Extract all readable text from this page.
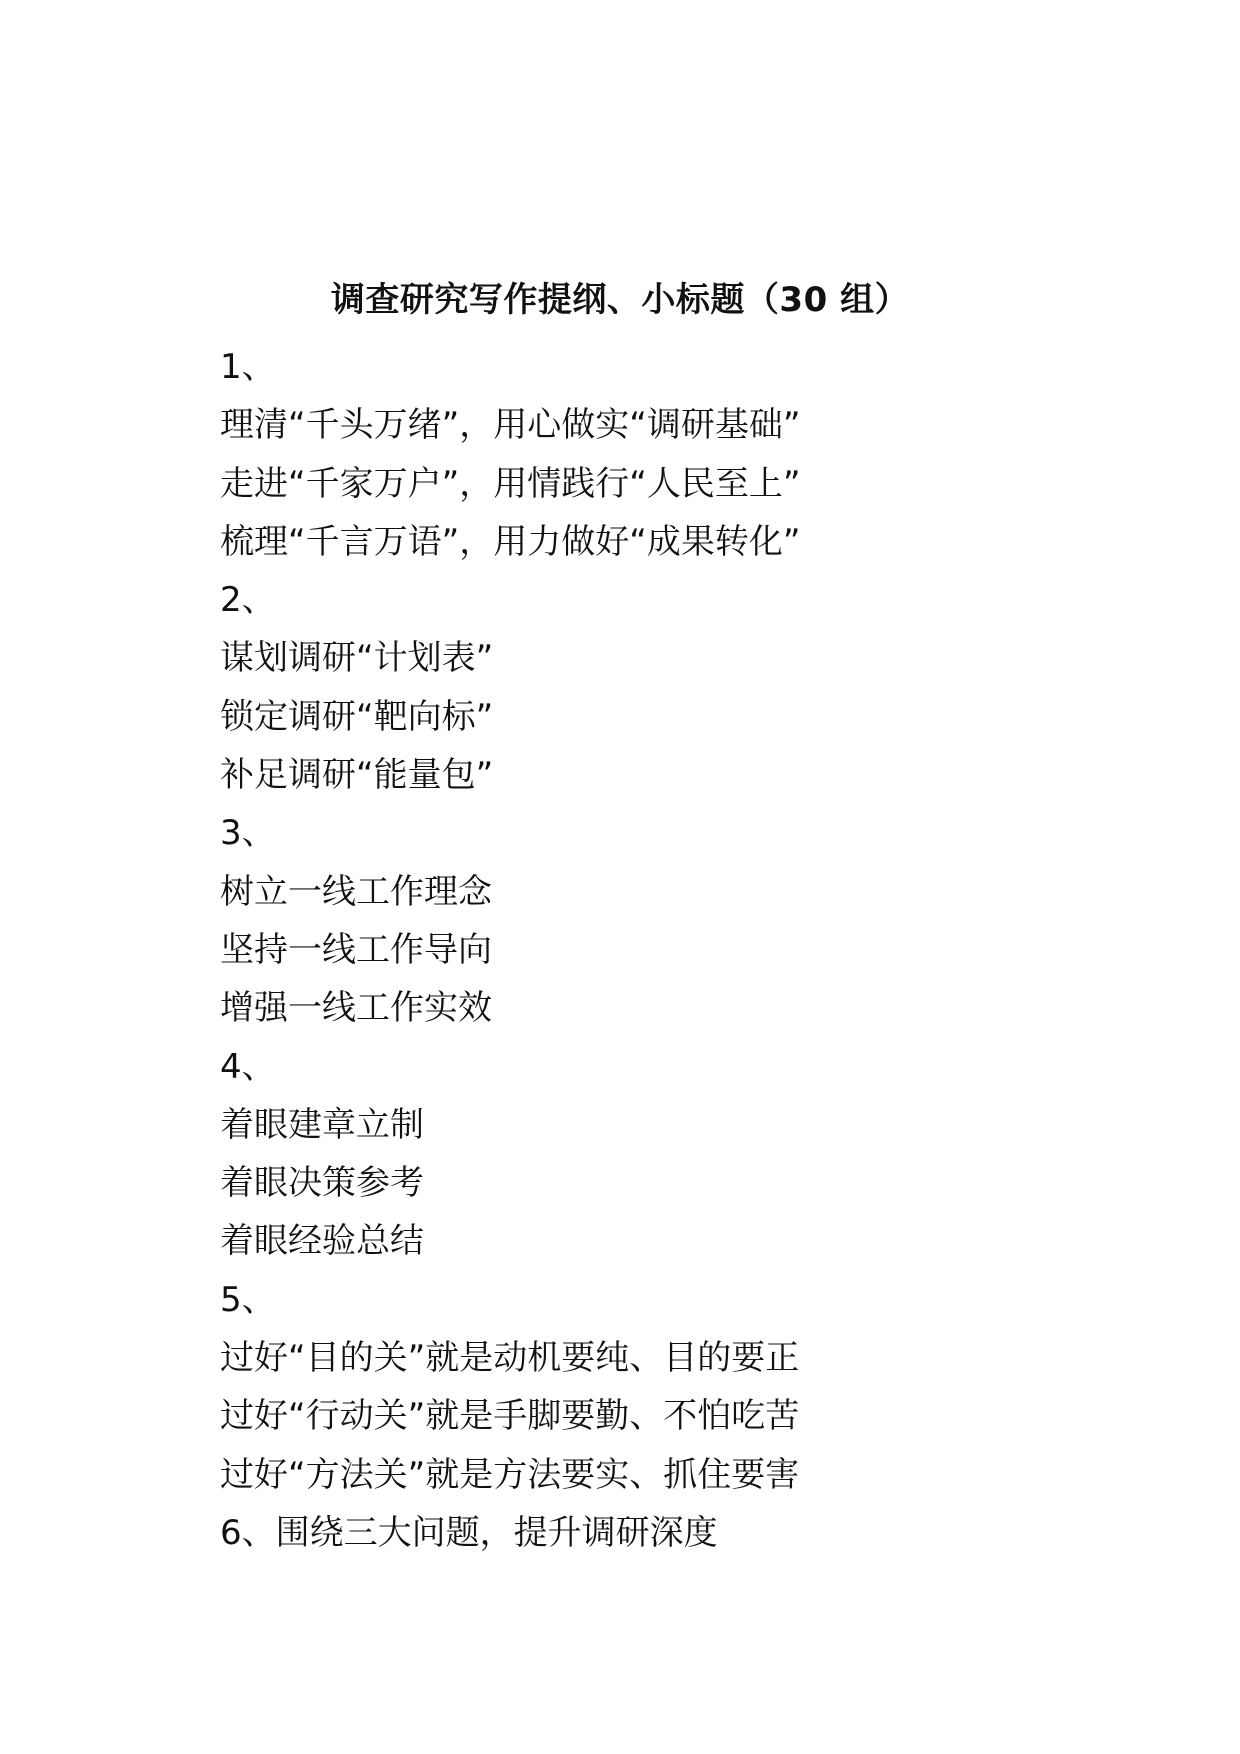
调查研究写作提纲、小标题（30 组）
1、
理清“千头万绪”，用心做实“调研基础”
走进“千家万户”，用情践行“人民至上”
梳理“千言万语”，用力做好“成果转化”
2、
谋划调研“计划表”
锁定调研“靶向标”
补足调研“能量包”
3、
树立一线工作理念
坚持一线工作导向
增强一线工作实效
4、
着眼建章立制
着眼决策参考
着眼经验总结
5、
过好“目的关”就是动机要纯、目的要正
过好“行动关”就是手脚要勤、不怕吃苦
过好“方法关”就是方法要实、抓住要害
6、围绕三大问题，提升调研深度
